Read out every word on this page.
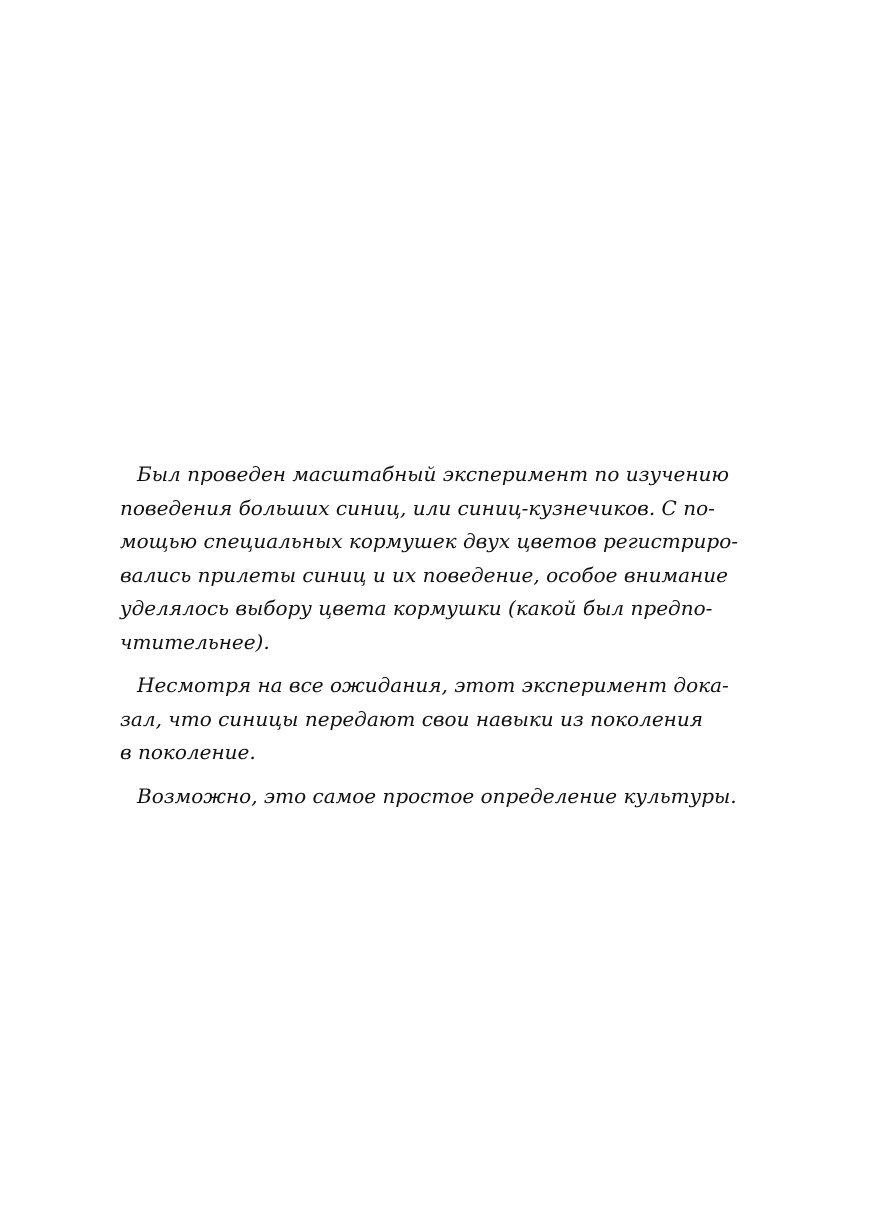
Был проведен масштабный эксперимент по изучению
поведения больших синиц, или синиц-кузнечиков. С по-
мощью специальных кормушек двух цветов регистриро-
вались прилеты синиц и их поведение, особое внимание
уделялось выбору цвета кормушки (какой был предпо-
чтительнее).
Несмотря на все ожидания, этот эксперимент дока-
зал, что синицы передают свои навыки из поколения
в поколение.
Возможно, это самое простое определение культуры.
